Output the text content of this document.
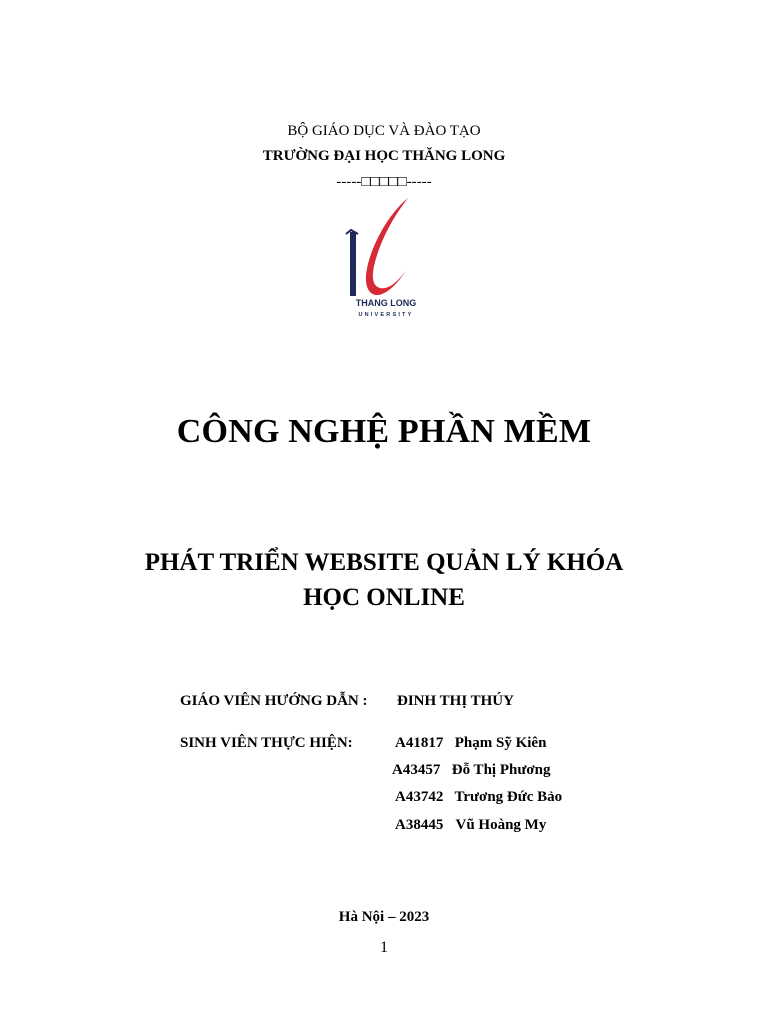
BỘ GIÁO DỤC VÀ ĐÀO TẠO
TRƯỜNG ĐẠI HỌC THĂNG LONG
-----□□□□□-----
THANG LONG
UNIVERSITY
CÔNG NGHỆ PHẦN MỀM
PHÁT TRIỂN WEBSITE QUẢN LÝ KHÓA
HỌC ONLINE
GIÁO VIÊN HƯỚNG DẪN : ĐINH THỊ THÚY
SINH VIÊN THỰC HIỆN:	A41817 Phạm Sỹ Kiên
A43457 Đỗ Thị Phương
A43742 Trương Đức Bảo
A38445 Vũ Hoàng My
Hà Nội – 2023
1
